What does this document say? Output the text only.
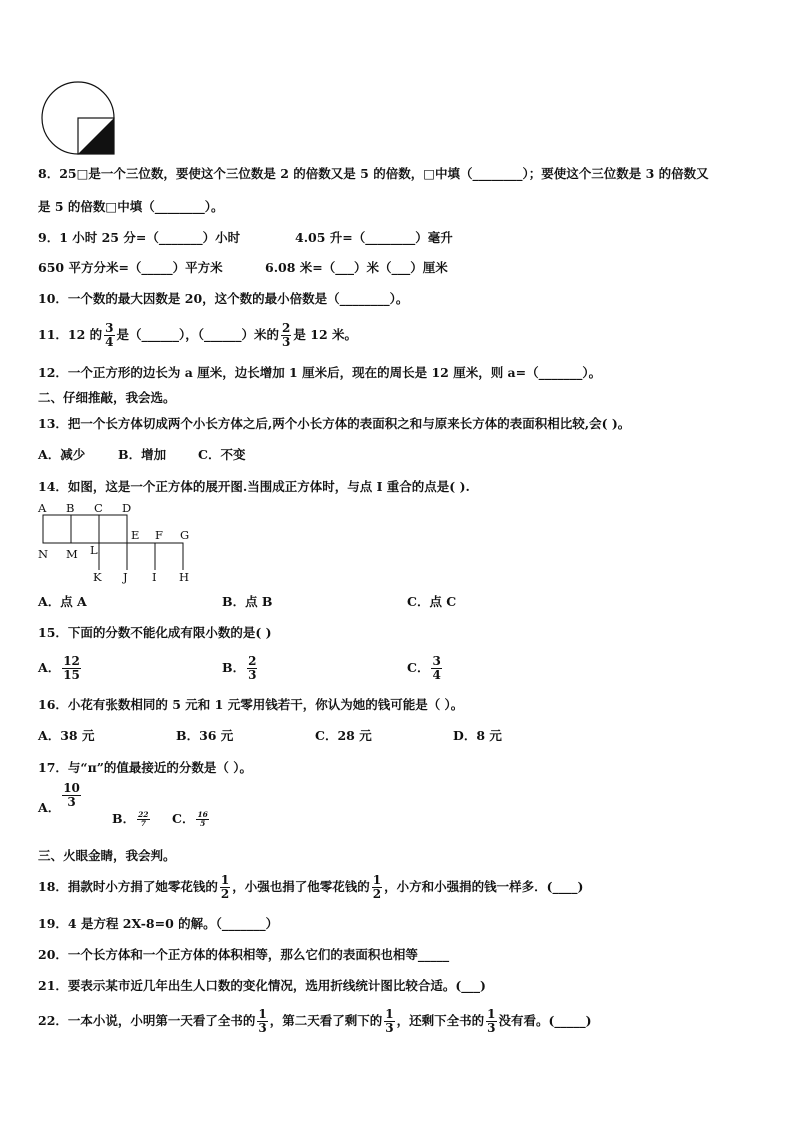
8．25□是一个三位数，要使这个三位数是 2 的倍数又是 5 的倍数，□中填（________）；要使这个三位数是 3 的倍数又
是 5 的倍数□中填（________）。
9．1 小时 25 分=（_______）小时	4.05 升=（________）毫升
650 平方分米=（_____）平方米	6.08 米=（___）米（___）厘米
10．一个数的最大因数是 20，这个数的最小倍数是（________）。
11．12 的 $\frac{3}{4}$ 是（______），（______）米的 $\frac{2}{3}$ 是 12 米。
12．一个正方形的边长为 a 厘米，边长增加 1 厘米后，现在的周长是 12 厘米，则 a=（_______）。
二、仔细推敲，我会选。
13．把一个长方体切成两个小长方体之后,两个小长方体的表面积之和与原来长方体的表面积相比较,会( )。
A．减少	B．增加	C．不变
14．如图，这是一个正方体的展开图.当围成正方体时，与点 I 重合的点是( ).
A B C D
E F G
N M L
K J I H
A．点 A	B．点 B	C．点 C
15．下面的分数不能化成有限小数的是( )
A． $\frac{12}{15}$	B． $\frac{2}{3}$	C． $\frac{3}{4}$
16．小花有张数相同的 5 元和 1 元零用钱若干，你认为她的钱可能是（ ）。
A．38 元	B．36 元	C．28 元	D．8 元
17．与“π”的值最接近的分数是（ ）。
A． $\frac{10}{3}$
B． $\frac{22}{7}$ C． $\frac{16}{5}$
三、火眼金睛，我会判。
18．捐款时小方捐了她零花钱的 $\frac{1}{2}$ ，小强也捐了他零花钱的 $\frac{1}{2}$ ，小方和小强捐的钱一样多．(____)
19．4 是方程 2X-8=0 的解。（_______）
20．一个长方体和一个正方体的体积相等，那么它们的表面积也相等_____
21．要表示某市近几年出生人口数的变化情况，选用折线统计图比较合适。(___)
22．一本小说，小明第一天看了全书的 $\frac{1}{3}$ ，第二天看了剩下的 $\frac{1}{3}$ ，还剩下全书的 $\frac{1}{3}$ 没有看。(_____)
